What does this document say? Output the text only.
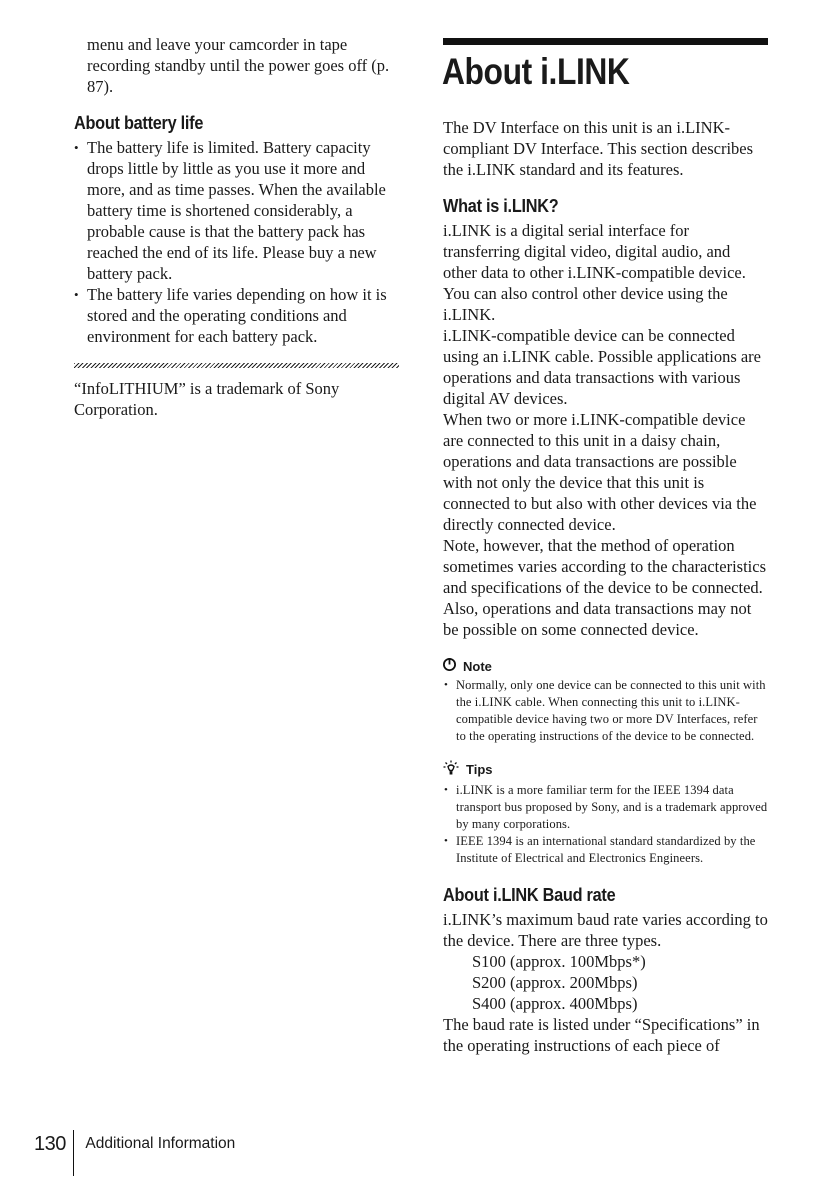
menu and leave your camcorder in tape recording standby until the power goes off (p. 87).

About battery life
• The battery life is limited. Battery capacity drops little by little as you use it more and more, and as time passes. When the available battery time is shortened considerably, a probable cause is that the battery pack has reached the end of its life. Please buy a new battery pack.
• The battery life varies depending on how it is stored and the operating conditions and environment for each battery pack.

“InfoLITHIUM” is a trademark of Sony Corporation.

About i.LINK

The DV Interface on this unit is an i.LINK-compliant DV Interface. This section describes the i.LINK standard and its features.

What is i.LINK?

i.LINK is a digital serial interface for transferring digital video, digital audio, and other data to other i.LINK-compatible device. You can also control other device using the i.LINK.

i.LINK-compatible device can be connected using an i.LINK cable. Possible applications are operations and data transactions with various digital AV devices.

When two or more i.LINK-compatible device are connected to this unit in a daisy chain, operations and data transactions are possible with not only the device that this unit is connected to but also with other devices via the directly connected device.

Note, however, that the method of operation sometimes varies according to the characteristics and specifications of the device to be connected. Also, operations and data transactions may not be possible on some connected device.

Note
• Normally, only one device can be connected to this unit with the i.LINK cable. When connecting this unit to i.LINK-compatible device having two or more DV Interfaces, refer to the operating instructions of the device to be connected.
Tips
• i.LINK is a more familiar term for the IEEE 1394 data transport bus proposed by Sony, and is a trademark approved by many corporations.
• IEEE 1394 is an international standard standardized by the Institute of Electrical and Electronics Engineers.
About i.LINK Baud rate

i.LINK’s maximum baud rate varies according to the device. There are three types.

S100 (approx. 100Mbps*)

S200 (approx. 200Mbps)

S400 (approx. 400Mbps)

The baud rate is listed under “Specifications” in the operating instructions of each piece of

130	Additional Information
